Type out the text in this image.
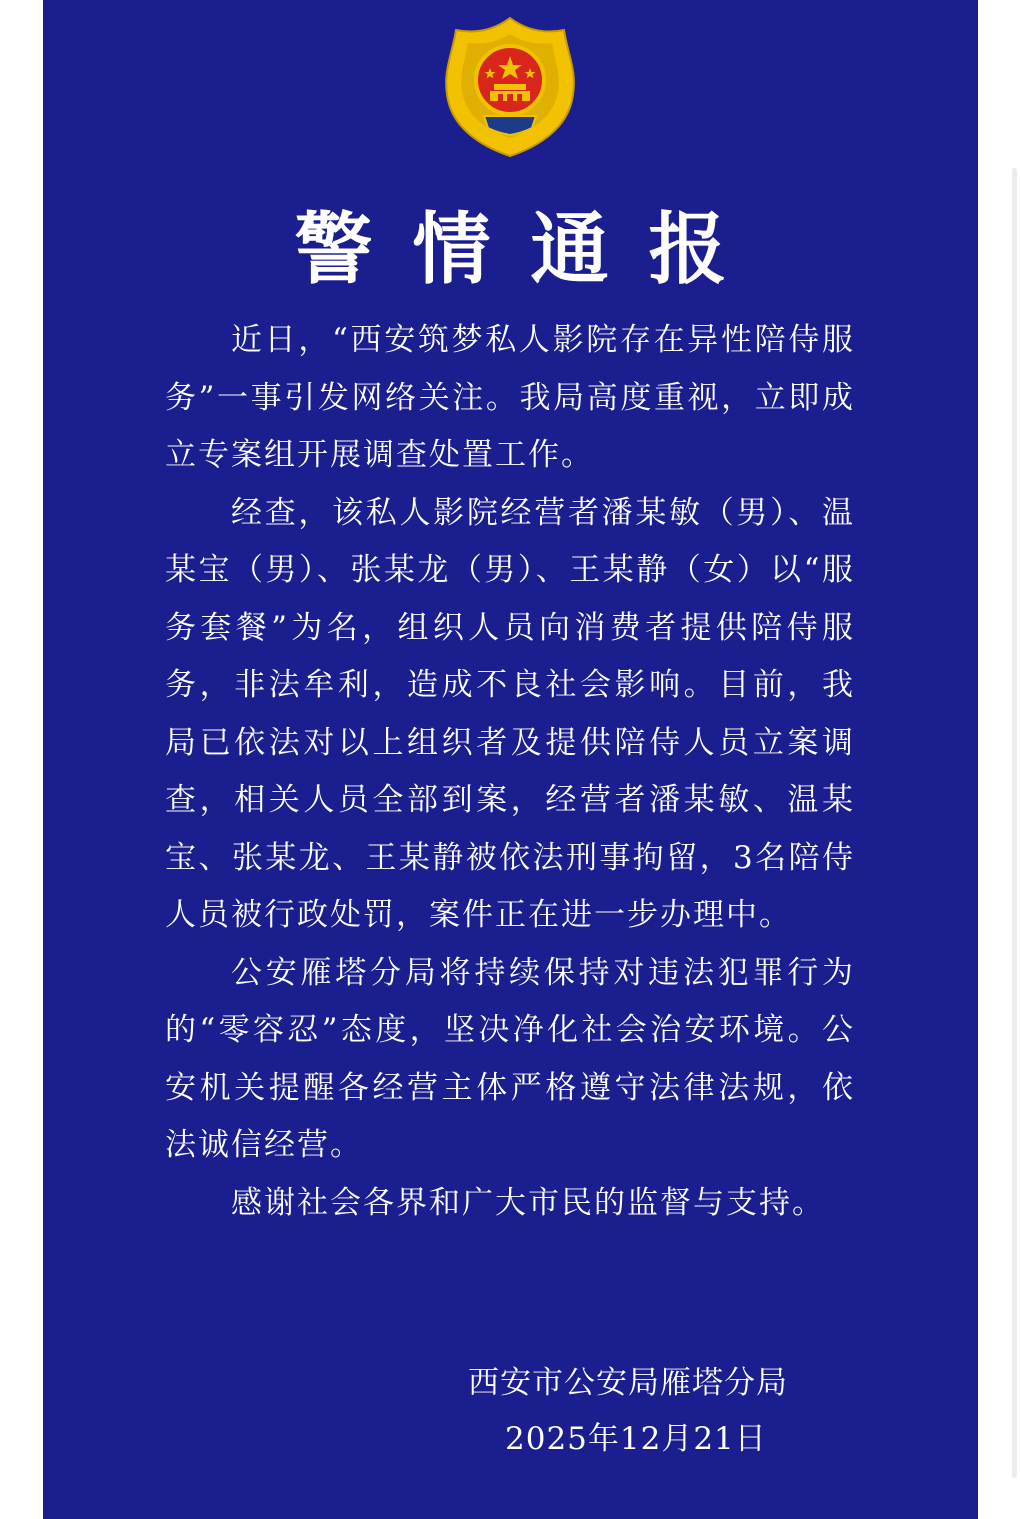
警情通报

近日，“西安筑梦私人影院存在异性陪侍服务”一事引发网络关注。我局高度重视，立即成立专案组开展调查处置工作。

经查，该私人影院经营者潘某敏（男）、温某宝（男）、张某龙（男）、王某静（女）以“服务套餐”为名，组织人员向消费者提供陪侍服务，非法牟利，造成不良社会影响。目前，我局已依法对以上组织者及提供陪侍人员立案调查，相关人员全部到案，经营者潘某敏、温某宝、张某龙、王某静被依法刑事拘留，3名陪侍人员被行政处罚，案件正在进一步办理中。

公安雁塔分局将持续保持对违法犯罪行为的“零容忍”态度，坚决净化社会治安环境。公安机关提醒各经营主体严格遵守法律法规，依法诚信经营。

感谢社会各界和广大市民的监督与支持。

西安市公安局雁塔分局
2025年12月21日
